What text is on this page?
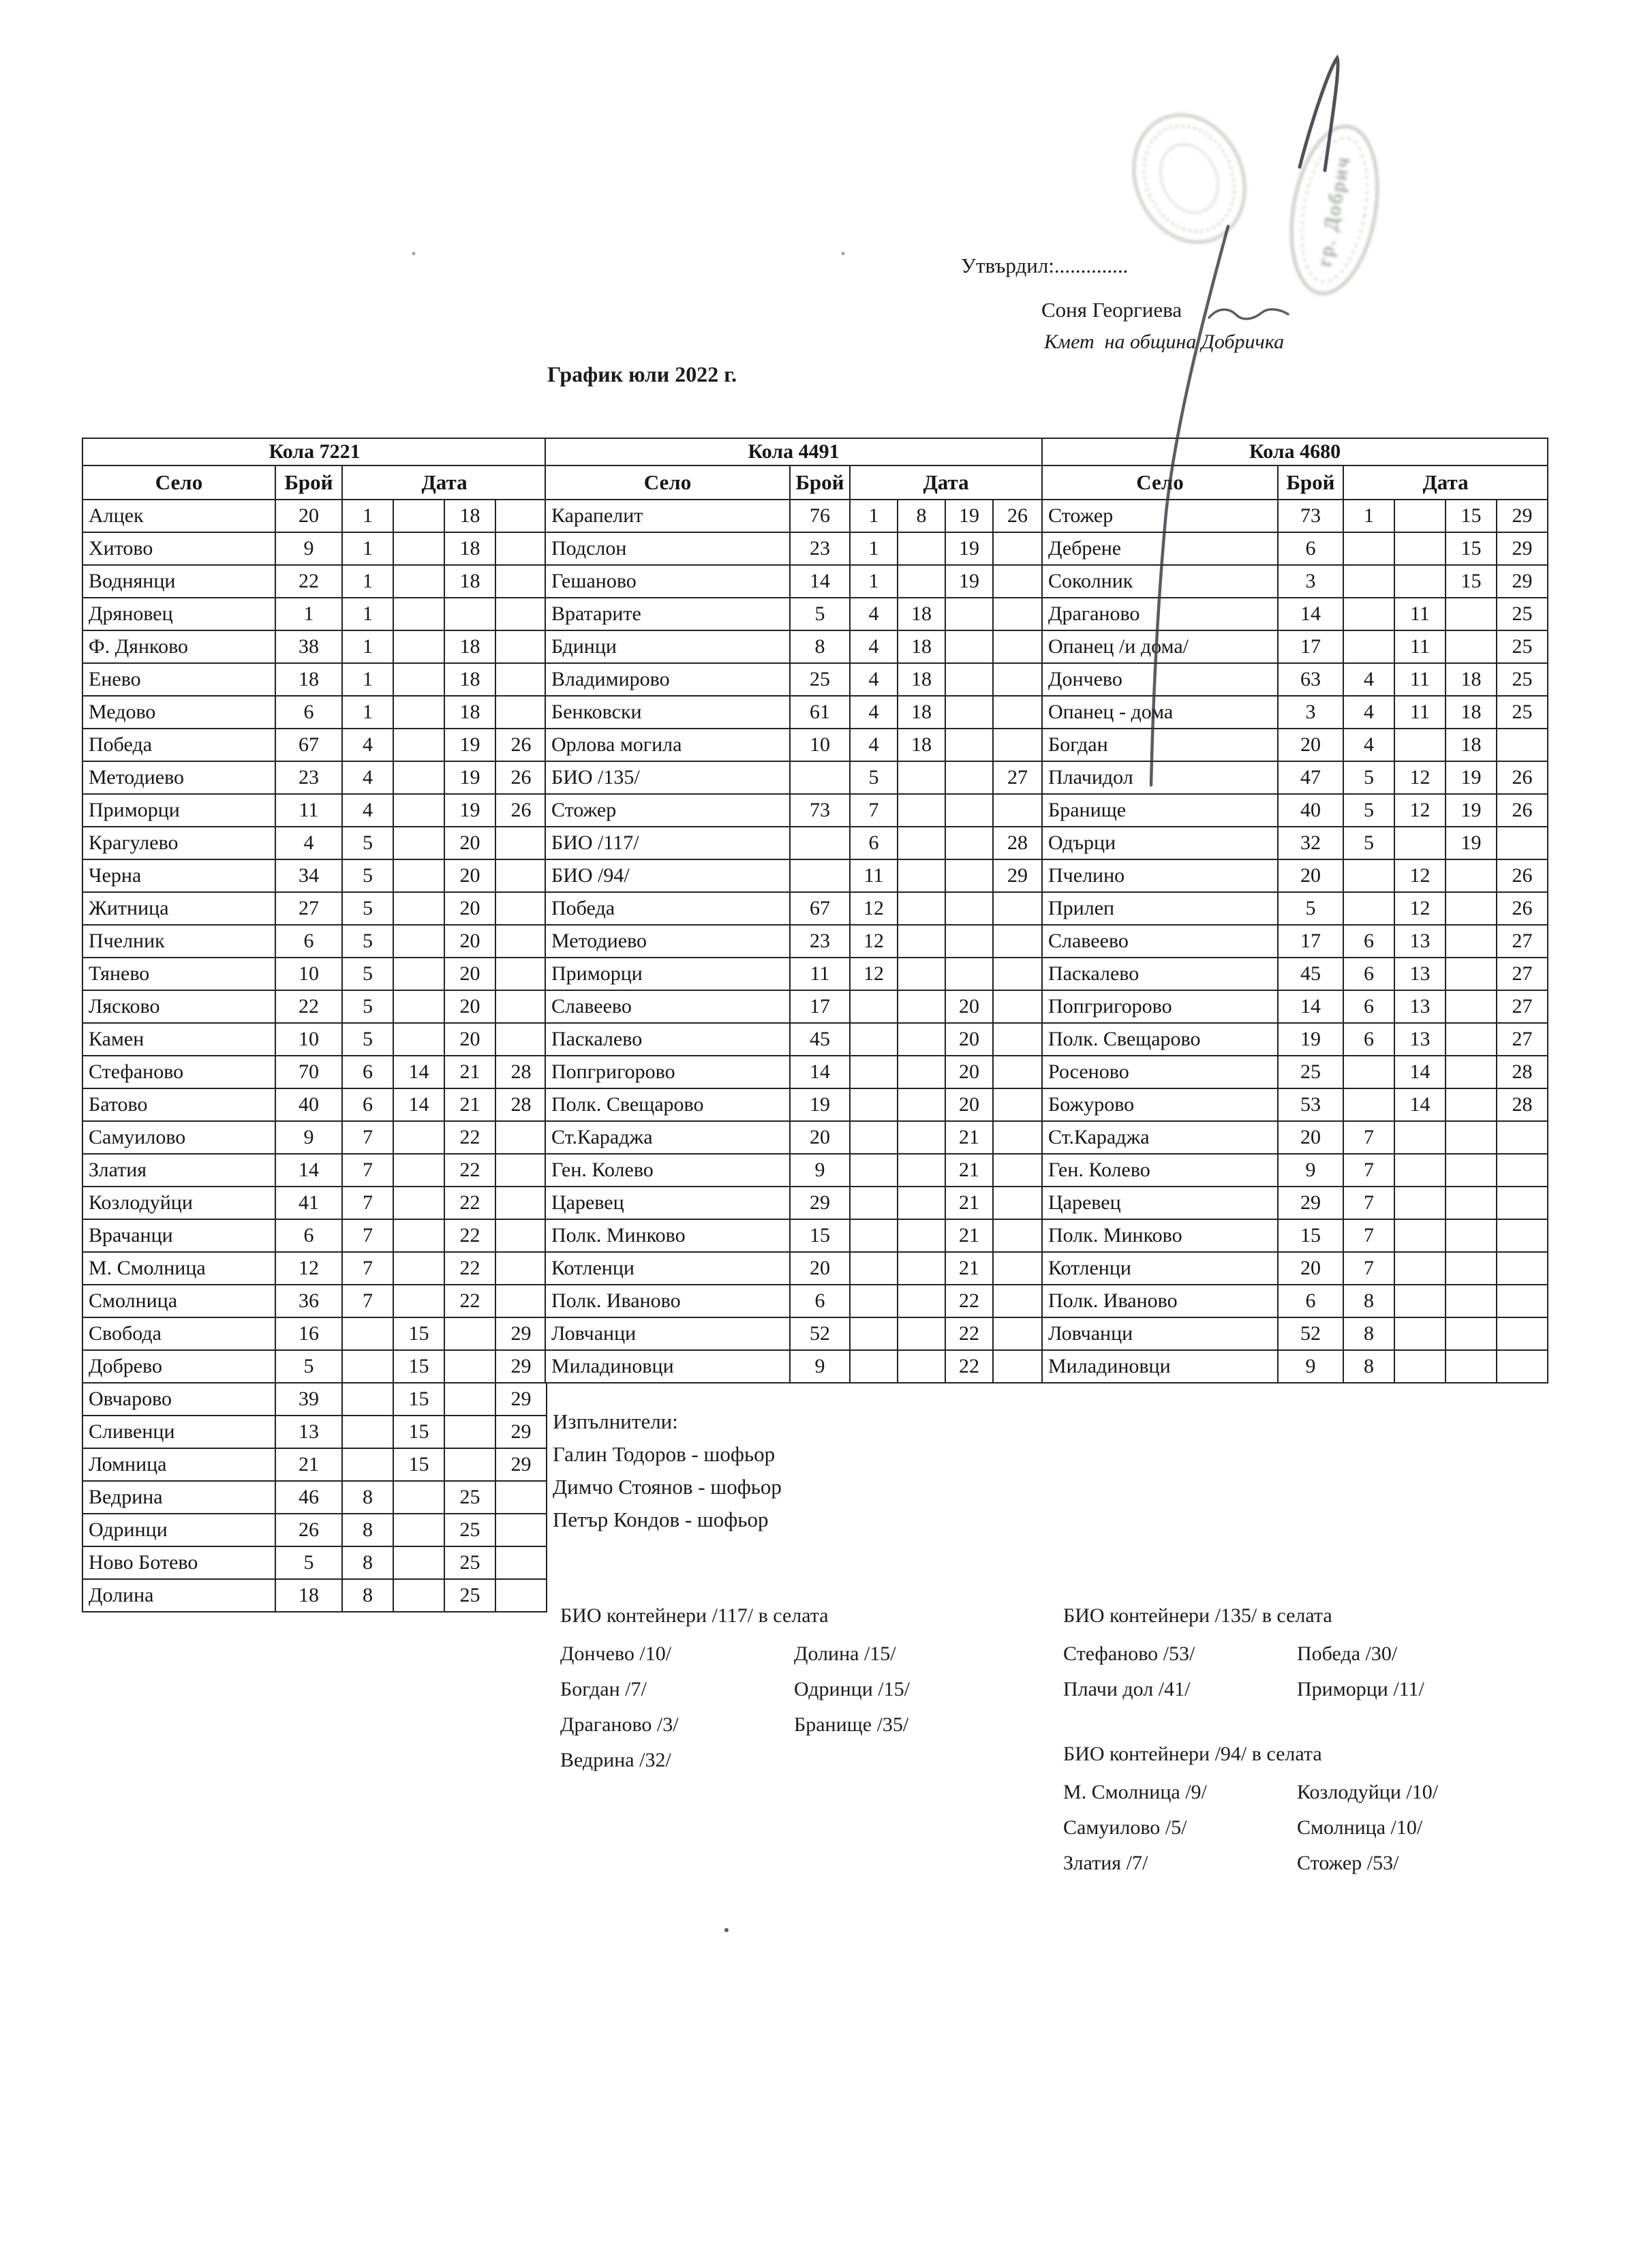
Утвърдил:..............
Соня Георгиева
Кмет  на община Добричка
График юли 2022 г.
Кола 7221					
Село	Брой	Дата			
Алцек	20	1		18	
Хитово	9	1		18	
Воднянци	22	1		18	
Дряновец	1	1			
Ф. Дянково	38	1		18	
Енево	18	1		18	
Медово	6	1		18	
Победа	67	4		19	26
Методиево	23	4		19	26
Приморци	11	4		19	26
Крагулево	4	5		20	
Черна	34	5		20	
Житница	27	5		20	
Пчелник	6	5		20	
Тянево	10	5		20	
Лясково	22	5		20	
Камен	10	5		20	
Стефаново	70	6	14	21	28
Батово	40	6	14	21	28
Самуилово	9	7		22	
Златия	14	7		22	
Козлодуйци	41	7		22	
Врачанци	6	7		22	
М. Смолница	12	7		22	
Смолница	36	7		22	
Свобода	16		15		29
Добрево	5		15		29
Овчарово	39		15		29
Сливенци	13		15		29
Ломница	21		15		29
Ведрина	46	8		25	
Одринци	26	8		25	
Ново Ботево	5	8		25	
Долина	18	8		25	
Кола 4491					
Село	Брой	Дата			
Карапелит	76	1	8	19	26
Подслон	23	1		19	
Гешаново	14	1		19	
Вратарите	5	4	18		
Бдинци	8	4	18		
Владимирово	25	4	18		
Бенковски	61	4	18		
Орлова могила	10	4	18		
БИО /135/		5			27
Стожер	73	7			
БИО /117/		6			28
БИО /94/		11			29
Победа	67	12			
Методиево	23	12			
Приморци	11	12			
Славеево	17			20	
Паскалево	45			20	
Попгригорово	14			20	
Полк. Свещарово	19			20	
Ст.Караджа	20			21	
Ген. Колево	9			21	
Царевец	29			21	
Полк. Минково	15			21	
Котленци	20			21	
Полк. Иваново	6			22	
Ловчанци	52			22	
Миладиновци	9			22	
Кола 4680					
Село	Брой	Дата			
Стожер	73	1		15	29
Дебрене	6			15	29
Соколник	3			15	29
Драганово	14		11		25
Опанец /и дома/	17		11		25
Дончево	63	4	11	18	25
Опанец - дома	3	4	11	18	25
Богдан	20	4		18	
Плачидол	47	5	12	19	26
Бранище	40	5	12	19	26
Одърци	32	5		19	
Пчелино	20		12		26
Прилеп	5		12		26
Славеево	17	6	13		27
Паскалево	45	6	13		27
Попгригорово	14	6	13		27
Полк. Свещарово	19	6	13		27
Росеново	25		14		28
Божурово	53		14		28
Ст.Караджа	20	7			
Ген. Колево	9	7			
Царевец	29	7			
Полк. Минково	15	7			
Котленци	20	7			
Полк. Иваново	6	8			
Ловчанци	52	8			
Миладиновци	9	8			
Изпълнители:
Галин Тодоров - шофьор
Димчо Стоянов - шофьор
Петър Кондов - шофьор
БИО контейнери /117/ в селата
Дончево /10/	Долина /15/
Богдан /7/	Одринци /15/
Драганово /3/	Бранище /35/
Ведрина /32/
БИО контейнери /135/ в селата
Стефаново /53/	Победа /30/
Плачи дол /41/	Приморци /11/
БИО контейнери /94/ в селата
М. Смолница /9/	Козлодуйци /10/
Самуилово /5/	Смолница /10/
Златия /7/	Стожер /53/
гр. Добрич
